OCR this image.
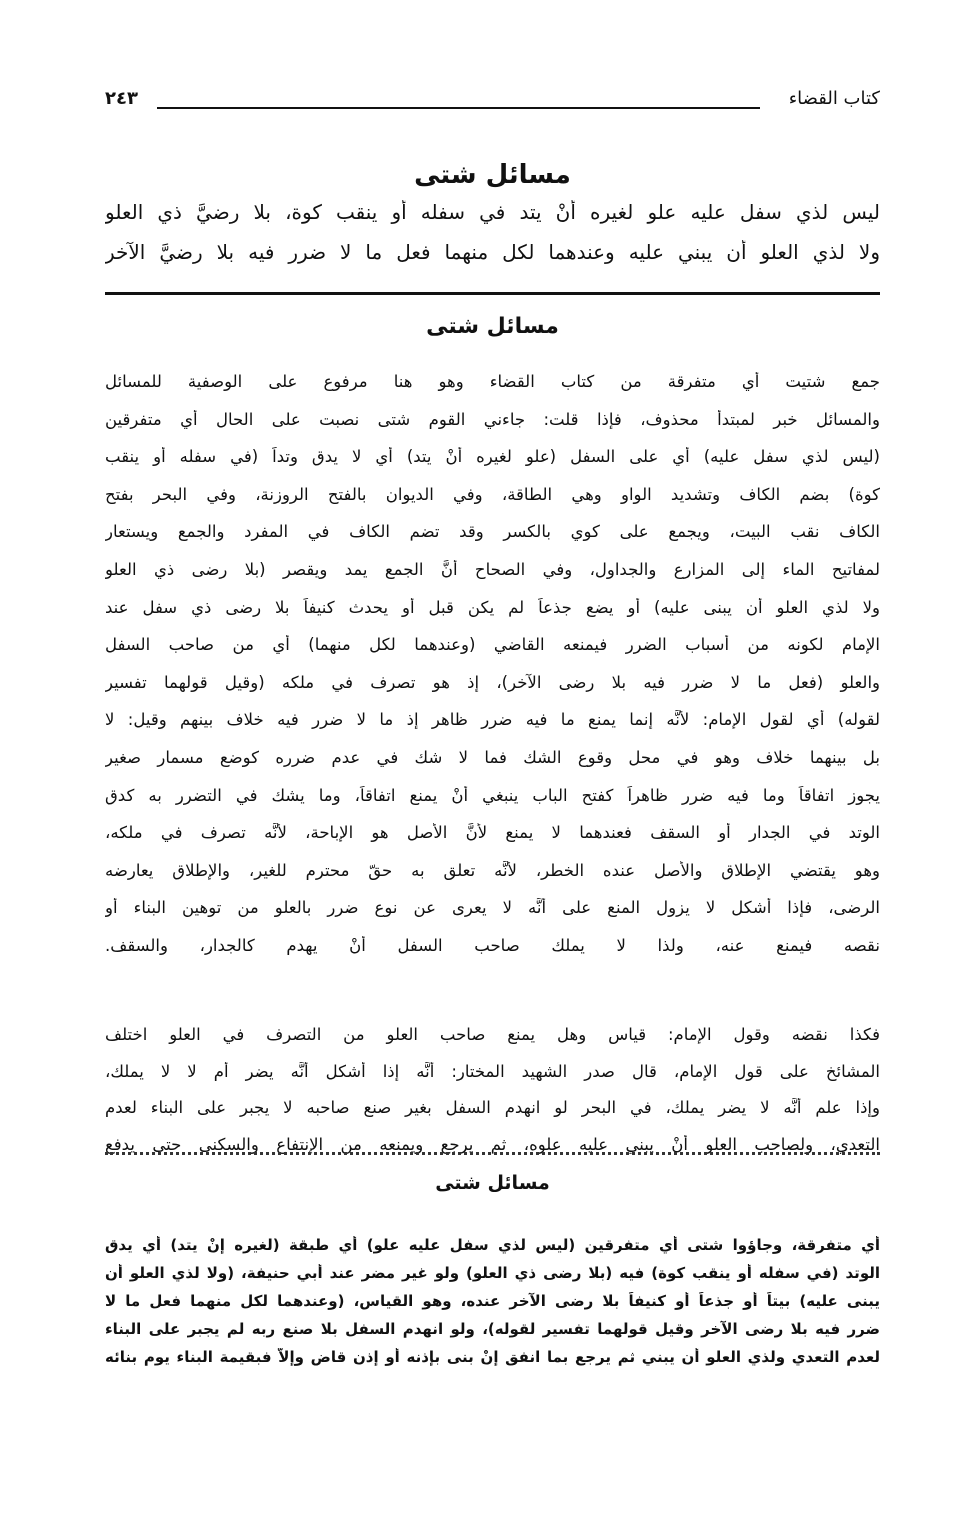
كتاب القضاء
٢٤٣
مسائل شتى
ليس لذي سفل عليه علو لغيره أنْ يتد في سفله أو ينقب كوة، بلا رضيَّ ذي العلو
ولا لذي العلو أن يبني عليه وعندهما لكل منهما فعل ما لا ضرر فيه بلا رضيَّ الآخر
مسائل شتى
جمع شتيت أي متفرقة من كتاب القضاء وهو هنا مرفوع على الوصفية للمسائل
والمسائل خبر لمبتدأ محذوف، فإذا قلت: جاءني القوم شتى نصبت على الحال أي متفرقين
(ليس لذي سفل عليه) أي على السفل (علو لغيره أنْ يتد) أي لا يدق وتداً (في سفله أو ينقب
كوة) بضم الكاف وتشديد الواو وهي الطاقة، وفي الديوان بالفتح الروزنة، وفي البحر بفتح
الكاف نقب البيت، ويجمع على كوي بالكسر وقد تضم الكاف في المفرد والجمع ويستعار
لمفاتيح الماء إلى المزارع والجداول، وفي الصحاح أنَّ الجمع يمد ويقصر (بلا رضى ذي العلو
ولا لذي العلو أن يبنى عليه) أو يضع جذعاً لم يكن قبل أو يحدث كنيفاً بلا رضى ذي سفل عند
الإمام لكونه من أسباب الضرر فيمنعه القاضي (وعندهما لكل منهما) أي من صاحب السفل
والعلو (فعل ما لا ضرر فيه بلا رضى الآخر)، إذ هو تصرف في ملكه (وقيل قولهما تفسير
لقوله) أي لقول الإمام: لأنَّه إنما يمنع ما فيه ضرر ظاهر إذ ما لا ضرر فيه خلاف بينهم وقيل: لا
بل بينهما خلاف وهو في محل وقوع الشك فما لا شك في عدم ضرره كوضع مسمار صغير
يجوز اتفاقاً وما فيه ضرر ظاهراً كفتح الباب ينبغي أنْ يمنع اتفاقاً، وما يشك في التضرر به كدق
الوتد في الجدار أو السقف فعندهما لا يمنع لأنَّ الأصل هو الإباحة، لأنَّه تصرف في ملكه،
وهو يقتضي الإطلاق والأصل عنده الخطر، لأنَّه تعلق به حقّ محترم للغير، والإطلاق يعارضه
الرضى، فإذا أشكل لا يزول المنع على أنَّه لا يعرى عن نوع ضرر بالعلو من توهين البناء أو
نقصه فيمنع عنه، ولذا لا يملك صاحب السفل أنْ يهدم كالجدار، والسقف.
فكذا نقضه وقول الإمام: قياس وهل يمنع صاحب العلو من التصرف في العلو اختلف
المشائخ على قول الإمام، قال صدر الشهيد المختار: أنَّه إذا أشكل أنَّه يضر أم لا لا يملك،
وإذا علم أنَّه لا يضر يملك، في البحر لو انهدم السفل بغير صنع صاحبه لا يجبر على البناء لعدم
التعدي، ولصاحب العلو أنْ يبني عليه علوه، ثم يرجع ويمنعه من الإنتفاع والسكنى حتى يدفع
مسائل شتى
أي متفرقة، وجاؤوا شتى أي متفرقين (ليس لذي سفل عليه علو) أي طبقة (لغيره إنْ يتد) أي يدق
الوتد (في سفله أو ينقب كوة) فيه (بلا رضى ذي العلو) ولو غير مضر عند أبي حنيفة، (ولا لذي العلو أن
يبنى عليه) بيتاً أو جذعاً أو كنيفاً بلا رضى الآخر عنده، وهو القياس، (وعندهما لكل منهما فعل ما لا
ضرر فيه بلا رضى الآخر وقيل قولهما تفسير لقوله)، ولو انهدم السفل بلا صنع ربه لم يجبر على البناء
لعدم التعدي ولذي العلو أن يبني ثم يرجع بما انفق إنْ بنى بإذنه أو إذن قاض وإلاَّ فبقيمة البناء يوم بنائه
